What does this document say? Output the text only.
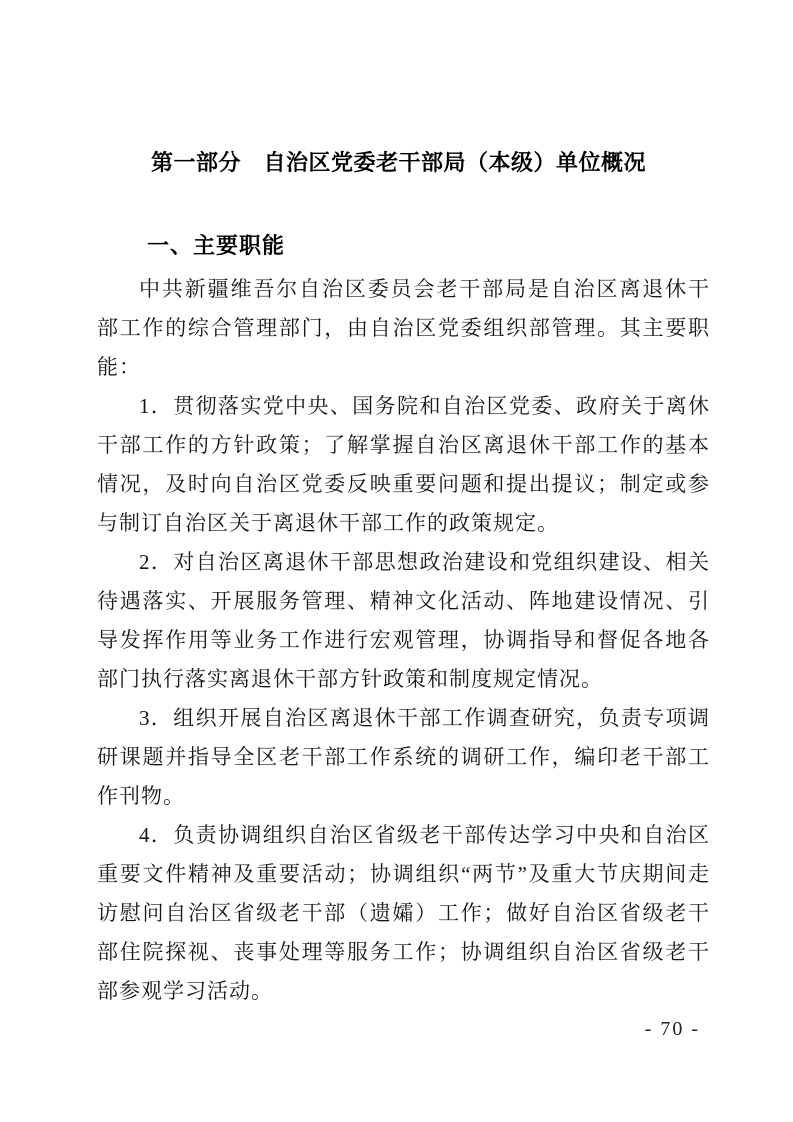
第一部分　自治区党委老干部局（本级）单位概况
一、主要职能

中共新疆维吾尔自治区委员会老干部局是自治区离退休干部工作的综合管理部门，由自治区党委组织部管理。其主要职能：

1．贯彻落实党中央、国务院和自治区党委、政府关于离休干部工作的方针政策；了解掌握自治区离退休干部工作的基本情况，及时向自治区党委反映重要问题和提出提议；制定或参与制订自治区关于离退休干部工作的政策规定。

2．对自治区离退休干部思想政治建设和党组织建设、相关待遇落实、开展服务管理、精神文化活动、阵地建设情况、引导发挥作用等业务工作进行宏观管理，协调指导和督促各地各部门执行落实离退休干部方针政策和制度规定情况。

3．组织开展自治区离退休干部工作调查研究，负责专项调研课题并指导全区老干部工作系统的调研工作，编印老干部工作刊物。

4．负责协调组织自治区省级老干部传达学习中央和自治区重要文件精神及重要活动；协调组织“两节”及重大节庆期间走访慰问自治区省级老干部（遗孀）工作；做好自治区省级老干部住院探视、丧事处理等服务工作；协调组织自治区省级老干部参观学习活动。

- 70 -
